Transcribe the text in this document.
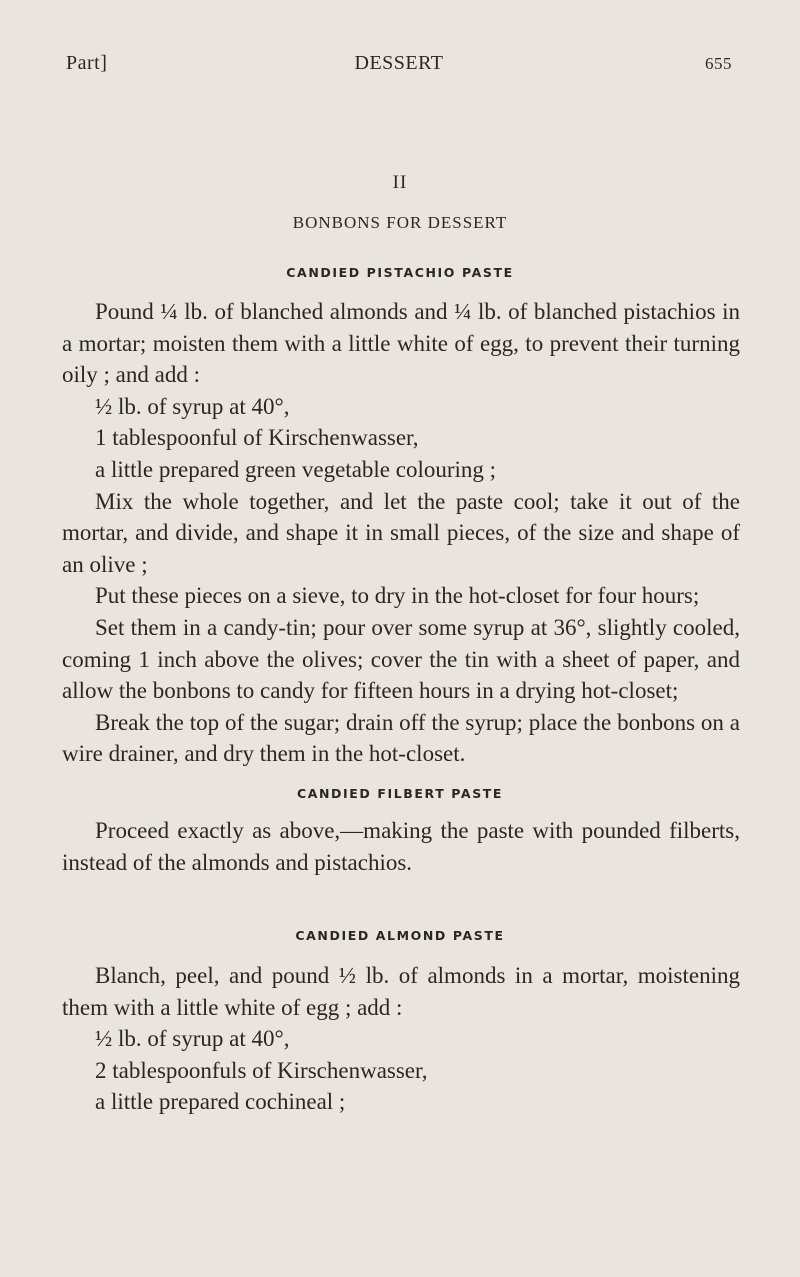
Part]	DESSERT	655
II
BONBONS FOR DESSERT
CANDIED PISTACHIO PASTE

Pound ¼ lb. of blanched almonds and ¼ lb. of blanched pistachios in a mortar; moisten them with a little white of egg, to prevent their turning oily ; and add :

½ lb. of syrup at 40°,
1 tablespoonful of Kirschenwasser,
a little prepared green vegetable colouring ;

Mix the whole together, and let the paste cool; take it out of the mortar, and divide, and shape it in small pieces, of the size and shape of an olive ;

Put these pieces on a sieve, to dry in the hot-closet for four hours;

Set them in a candy-tin; pour over some syrup at 36°, slightly cooled, coming 1 inch above the olives; cover the tin with a sheet of paper, and allow the bonbons to candy for fifteen hours in a drying hot-closet;

Break the top of the sugar; drain off the syrup; place the bonbons on a wire drainer, and dry them in the hot-closet.

CANDIED FILBERT PASTE

Proceed exactly as above,—making the paste with pounded filberts, instead of the almonds and pistachios.

CANDIED ALMOND PASTE

Blanch, peel, and pound ½ lb. of almonds in a mortar, moistening them with a little white of egg ; add :

½ lb. of syrup at 40°,
2 tablespoonfuls of Kirschenwasser,
a little prepared cochineal ;
